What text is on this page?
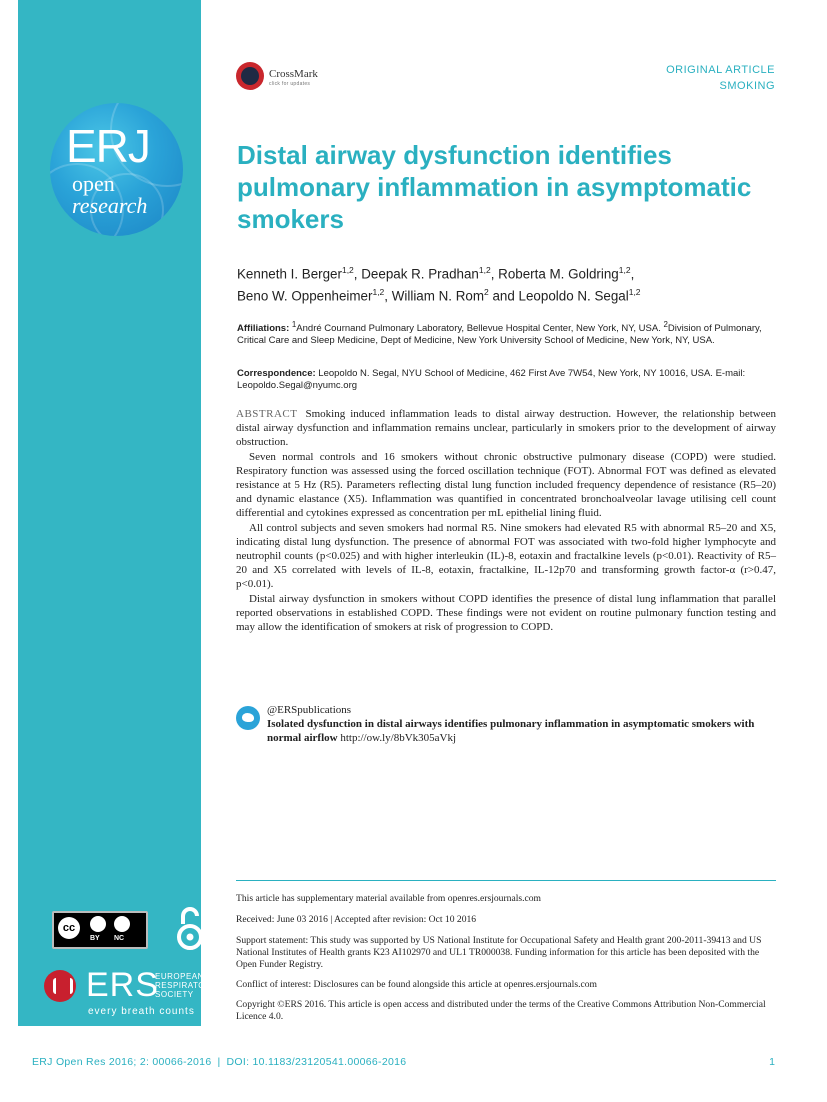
ERJ
open
research
cc
BY NC
ERS
EUROPEAN
RESPIRATORY
SOCIETY
every breath counts
CrossMark
click for updates
ORIGINAL ARTICLE
SMOKING
Distal airway dysfunction identifies pulmonary inflammation in asymptomatic smokers
Kenneth I. Berger$^{1,2}$, Deepak R. Pradhan$^{1,2}$, Roberta M. Goldring$^{1,2}$,
Beno W. Oppenheimer$^{1,2}$, William N. Rom$^2$ and Leopoldo N. Segal$^{1,2}$
Affiliations: $^1$André Cournand Pulmonary Laboratory, Bellevue Hospital Center, New York, NY, USA. $^2$Division of Pulmonary, Critical Care and Sleep Medicine, Dept of Medicine, New York University School of Medicine, New York, NY, USA.
Correspondence: Leopoldo N. Segal, NYU School of Medicine, 462 First Ave 7W54, New York, NY 10016, USA. E-mail: Leopoldo.Segal@nyumc.org

ABSTRACT Smoking induced inflammation leads to distal airway destruction. However, the relationship between distal airway dysfunction and inflammation remains unclear, particularly in smokers prior to the development of airway obstruction.

Seven normal controls and 16 smokers without chronic obstructive pulmonary disease (COPD) were studied. Respiratory function was assessed using the forced oscillation technique (FOT). Abnormal FOT was defined as elevated resistance at 5 Hz (R5). Parameters reflecting distal lung function included frequency dependence of resistance (R5–20) and dynamic elastance (X5). Inflammation was quantified in concentrated bronchoalveolar lavage utilising cell count differential and cytokines expressed as concentration per mL epithelial lining fluid.

All control subjects and seven smokers had normal R5. Nine smokers had elevated R5 with abnormal R5–20 and X5, indicating distal lung dysfunction. The presence of abnormal FOT was associated with two-fold higher lymphocyte and neutrophil counts (p<0.025) and with higher interleukin (IL)-8, eotaxin and fractalkine levels (p<0.01). Reactivity of R5–20 and X5 correlated with levels of IL-8, eotaxin, fractalkine, IL-12p70 and transforming growth factor-α (r>0.47, p<0.01).

Distal airway dysfunction in smokers without COPD identifies the presence of distal lung inflammation that parallel reported observations in established COPD. These findings were not evident on routine pulmonary function testing and may allow the identification of smokers at risk of progression to COPD.

@ERSpublications
Isolated dysfunction in distal airways identifies pulmonary inflammation in asymptomatic smokers with normal airflow http://ow.ly/8bVk305aVkj

This article has supplementary material available from openres.ersjournals.com

Received: June 03 2016 | Accepted after revision: Oct 10 2016

Support statement: This study was supported by US National Institute for Occupational Safety and Health grant 200-2011-39413 and US National Institutes of Health grants K23 AI102970 and UL1 TR000038. Funding information for this article has been deposited with the Open Funder Registry.

Conflict of interest: Disclosures can be found alongside this article at openres.ersjournals.com

Copyright ©ERS 2016. This article is open access and distributed under the terms of the Creative Commons Attribution Non-Commercial Licence 4.0.

ERJ Open Res 2016; 2: 00066-2016 | DOI: 10.1183/23120541.00066-2016	1
